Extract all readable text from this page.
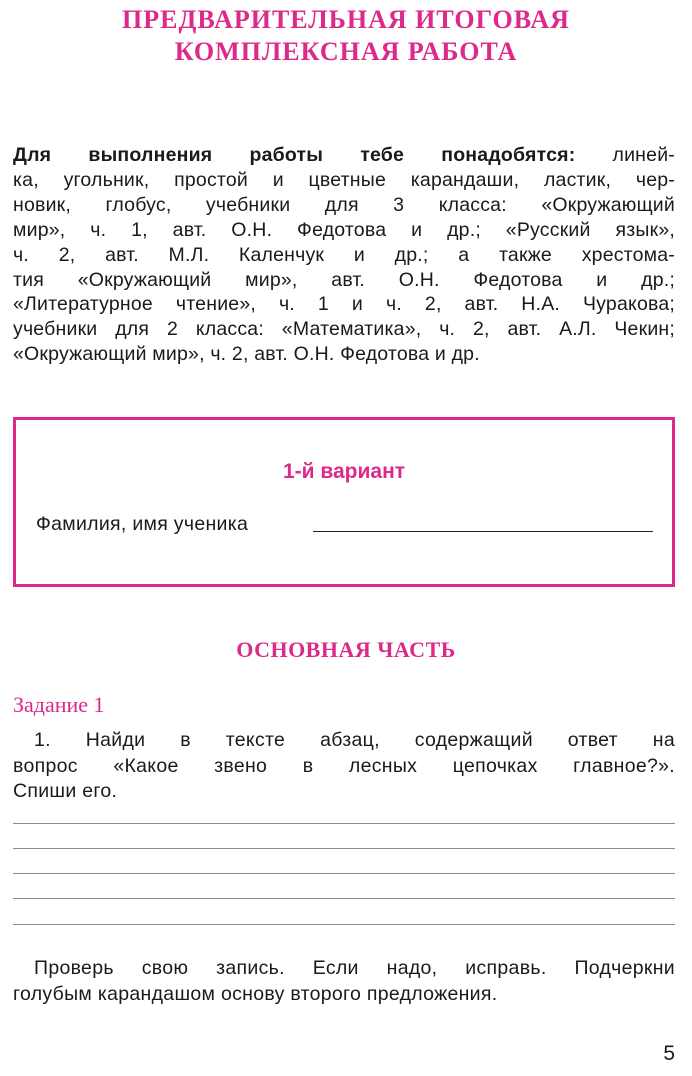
ПРЕДВАРИТЕЛЬНАЯ ИТОГОВАЯ
КОМПЛЕКСНАЯ РАБОТА
Для выполнения работы тебе понадобятся: линей-
ка, угольник, простой и цветные карандаши, ластик, чер-
новик, глобус, учебники для 3 класса: «Окружающий
мир», ч. 1, авт. О.Н. Федотова и др.; «Русский язык»,
ч. 2, авт. М.Л. Каленчук и др.; а также хрестома-
тия «Окружающий мир», авт. О.Н. Федотова и др.;
«Литературное чтение», ч. 1 и ч. 2, авт. Н.А. Чуракова;
учебники для 2 класса: «Математика», ч. 2, авт. А.Л. Чекин;
«Окружающий мир», ч. 2, авт. О.Н. Федотова и др.
1-й вариант
Фамилия, имя ученика
ОСНОВНАЯ ЧАСТЬ
Задание 1
1. Найди в тексте абзац, содержащий ответ на
вопрос «Какое звено в лесных цепочках главное?».
Спиши его.
Проверь свою запись. Если надо, исправь. Подчеркни
голубым карандашом основу второго предложения.
5
